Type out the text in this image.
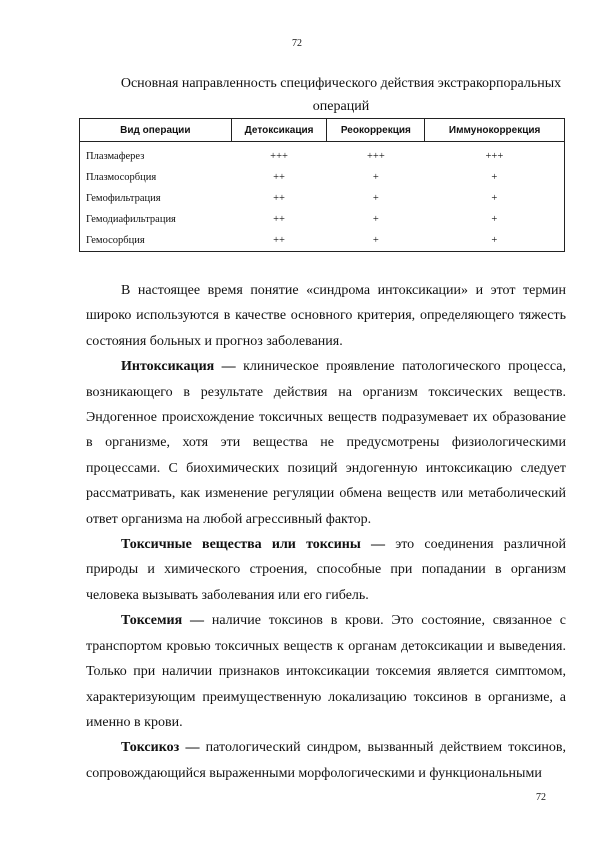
72
Основная направленность специфического действия экстракорпоральных операций
Вид операции	Детоксикация	Реокоррекция	Иммунокоррекция
Плазмаферез	+++	+++	+++
Плазмосорбция	++	+	+
Гемофильтрация	++	+	+
Гемодиафильтрация	++	+	+
Гемосорбция	++	+	+

В настоящее время понятие «синдрома интоксикации» и этот термин широко используются в качестве основного критерия, определяющего тяжесть состояния больных и прогноз заболевания.

Интоксикация — клиническое проявление патологического процесса, возникающего в результате действия на организм токсических веществ. Эндогенное происхождение токсичных веществ подразумевает их образование в организме, хотя эти вещества не предусмотрены физиологическими процессами. С биохимических позиций эндогенную интоксикацию следует рассматривать, как изменение регуляции обмена веществ или метаболический ответ организма на любой агрессивный фактор.

Токсичные вещества или токсины — это соединения различной природы и химического строения, способные при попадании в организм человека вызывать заболевания или его гибель.

Токсемия — наличие токсинов в крови. Это состояние, связанное с транспортом кровью токсичных веществ к органам детоксикации и выведения. Только при наличии признаков интоксикации токсемия является симптомом, характеризующим преимущественную локализацию токсинов в организме, а именно в крови.

Токсикоз — патологический синдром, вызванный действием токсинов, сопровождающийся выраженными морфологическими и функциональными

72
